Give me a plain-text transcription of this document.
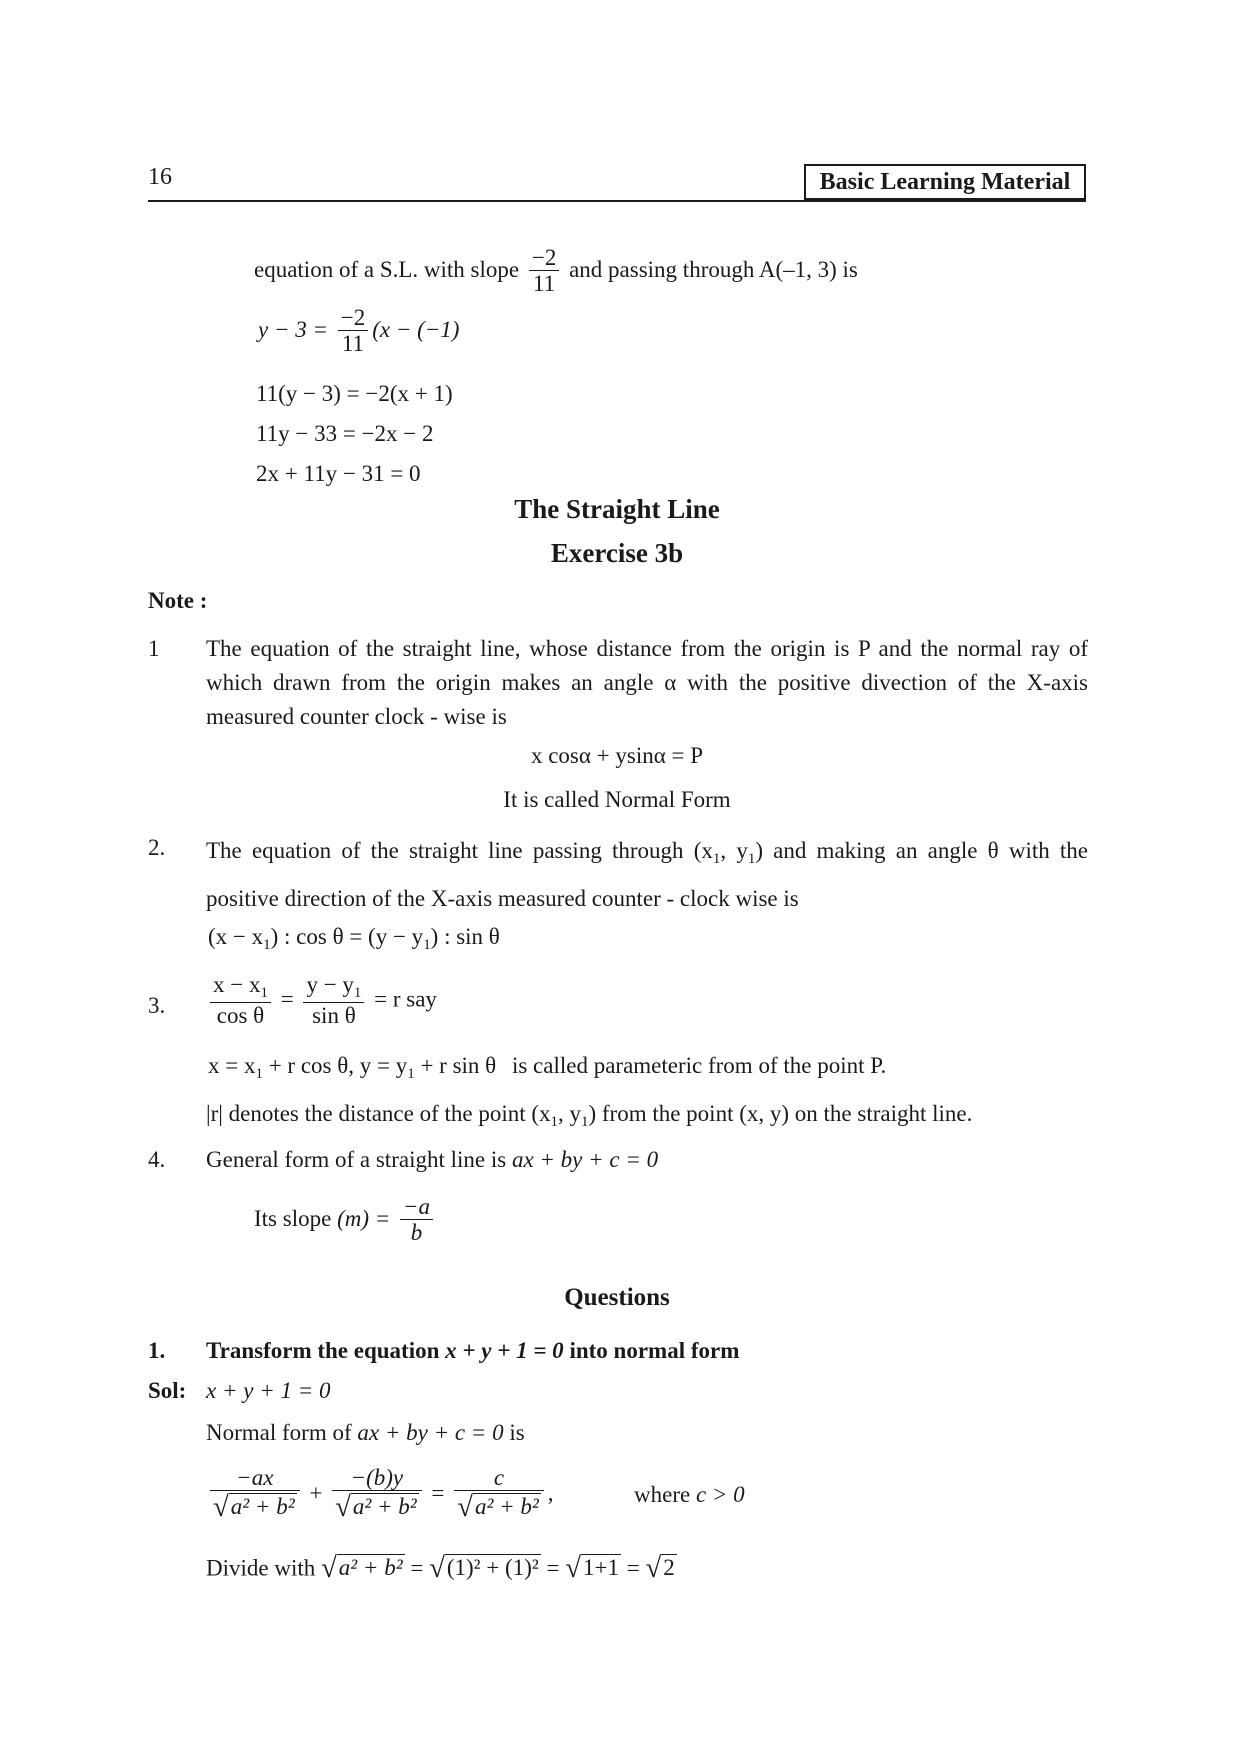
16	Basic Learning Material
equation of a S.L. with slope $\frac{-2}{11}$ and passing through A(–1, 3) is
$y - 3 = \frac{-2}{11} (x - (-1)$
11(y − 3) = −2(x + 1)
11y − 33 = −2x − 2
2x + 11y − 31 = 0
The Straight Line
Exercise 3b
Note :
1 The equation of the straight line, whose distance from the origin is P and the normal ray of which drawn from the origin makes an angle α with the positive divection of the X-axis measured counter clock - wise is
x cosα + ysinα = P
It is called Normal Form
2. The equation of the straight line passing through ($x_1$, $y_1$) and making an angle θ with the positive direction of the X-axis measured counter - clock wise is
$(x - x_1)$ : $\cos \theta = (y - y_1)$ : sin θ
3. $\frac{x - x_1}{\text{cos θ}} = \frac{y - y_1}{\text{sin θ}} = r$ say
$x = x_1 + r$ cos θ, $y = y_1 + r$ sin θ is called parameteric from of the point P.
|r| denotes the distance of the point ($x_1$, $y_1$) from the point (x, y) on the straight line.
4. General form of a straight line is ax + by + c = 0
Its slope $(m) = \frac{-a}{b}$
Questions
1. Transform the equation x + y + 1 = 0 into normal form
Sol: x + y + 1 = 0
Normal form of ax + by + c = 0 is
$\frac{-ax}{\text{√a² + b²}} + \frac{-(b)y}{\text{√a² + b²}} = \frac{c}{\text{√a² + b²}}$ ,	where c > 0
Divide with √a² + b² = √(1)² + (1)² = √1+1 = √2
